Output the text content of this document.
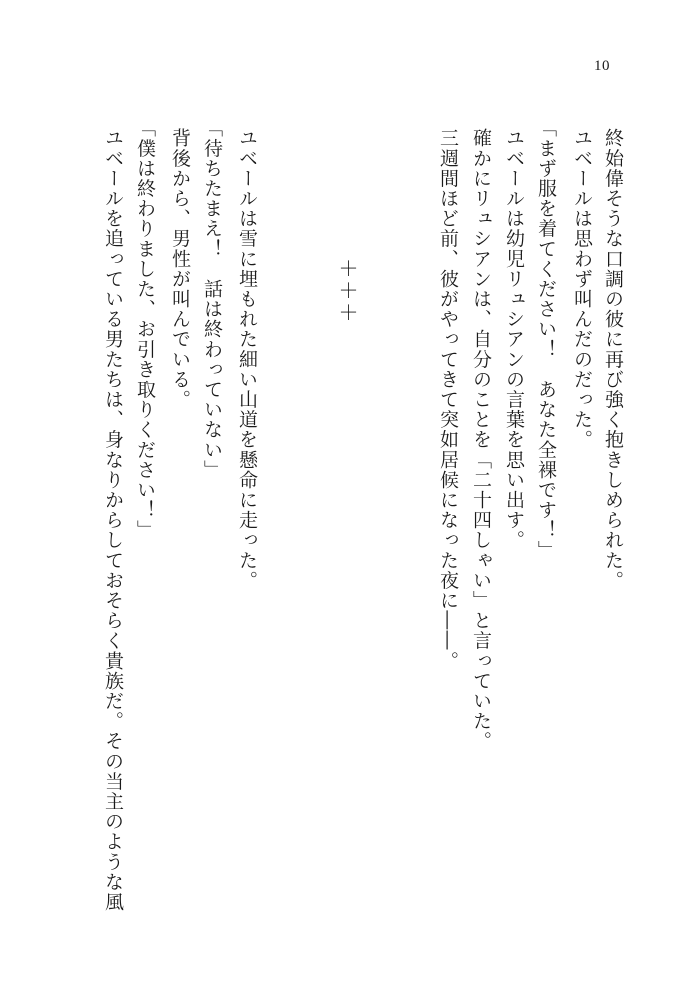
10
終始偉そうな口調の彼に再び強く抱きしめられた。
ユベールは思わず叫んだのだった。
「まず服を着てください！　あなた全裸です！」
ユベールは幼児リュシアンの言葉を思い出す。
確かにリュシアンは、自分のことを「二十四しゃい」と言っていた。
三週間ほど前、彼がやってきて突如居候になった夜に――。
＋＋＋
ユベールは雪に埋もれた細い山道を懸命に走った。
「待ちたまえ！　話は終わっていない」
背後から、男性が叫んでいる。
「僕は終わりました、お引き取りください！」
ユベールを追っている男たちは、身なりからしておそらく貴族だ。その当主のような風
